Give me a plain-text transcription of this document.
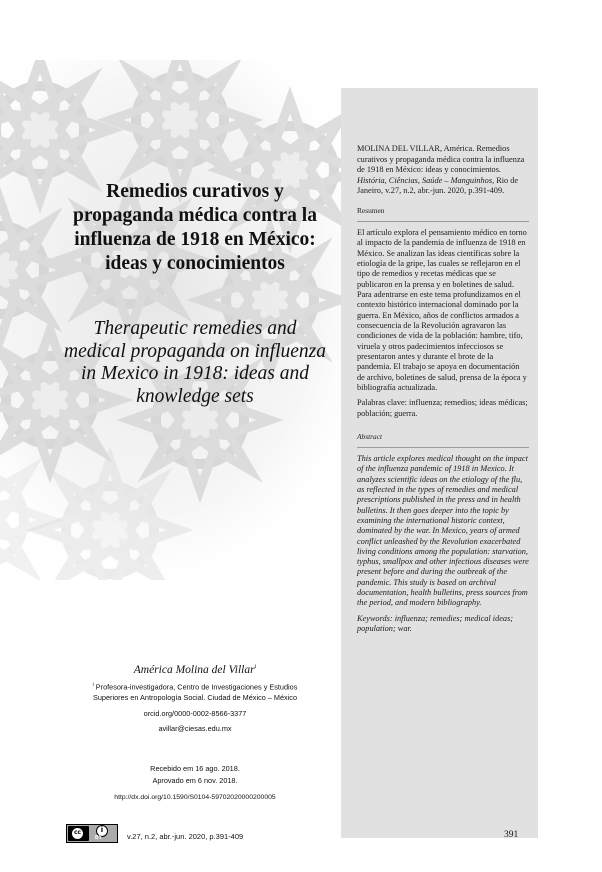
Remedios curativos y propaganda médica contra la influenza de 1918 en México: ideas y conocimientos
Therapeutic remedies and medical propaganda on influenza in Mexico in 1918: ideas and knowledge sets
América Molina del Villar$^i$
$^i$ Profesora-investigadora, Centro de Investigaciones y Estudios Superiores en Antropología Social. Ciudad de México – México
orcid.org/0000-0002-8566-3377
avillar@ciesas.edu.mx
Recebido em 16 ago. 2018.
Aprovado em 6 nov. 2018.
http://dx.doi.org/10.1590/S0104-59702020000200005
MOLINA DEL VILLAR, América. Remedios curativos y propaganda médica contra la influenza de 1918 en México: ideas y conocimientos. História, Ciências, Saúde – Manguinhos, Rio de Janeiro, v.27, n.2, abr.-jun. 2020, p.391-409.
Resumen
El artículo explora el pensamiento médico en torno al impacto de la pandemia de influenza de 1918 en México. Se analizan las ideas científicas sobre la etiología de la gripe, las cuales se reflejaron en el tipo de remedios y recetas médicas que se publicaron en la prensa y en boletines de salud. Para adentrarse en este tema profundizamos en el contexto histórico internacional dominado por la guerra. En México, años de conflictos armados a consecuencia de la Revolución agravaron las condiciones de vida de la población: hambre, tifo, viruela y otros padecimientos infecciosos se presentaron antes y durante el brote de la pandemia. El trabajo se apoya en documentación de archivo, boletines de salud, prensa de la época y bibliografía actualizada.
Palabras clave: influenza; remedios; ideas médicas; población; guerra.
Abstract
This article explores medical thought on the impact of the influenza pandemic of 1918 in Mexico. It analyzes scientific ideas on the etiology of the flu, as reflected in the types of remedies and medical prescriptions published in the press and in health bulletins. It then goes deeper into the topic by examining the international historic context, dominated by the war. In Mexico, years of armed conflict unleashed by the Revolution exacerbated living conditions among the population: starvation, typhus, smallpox and other infectious diseases were present before and during the outbreak of the pandemic. This study is based on archival documentation, health bulletins, press sources from the period, and modern bibliography.
Keywords: influenza; remedies; medical ideas; population; war.
cc	i
BY	v.27, n.2, abr.-jun. 2020, p.391-409	391
